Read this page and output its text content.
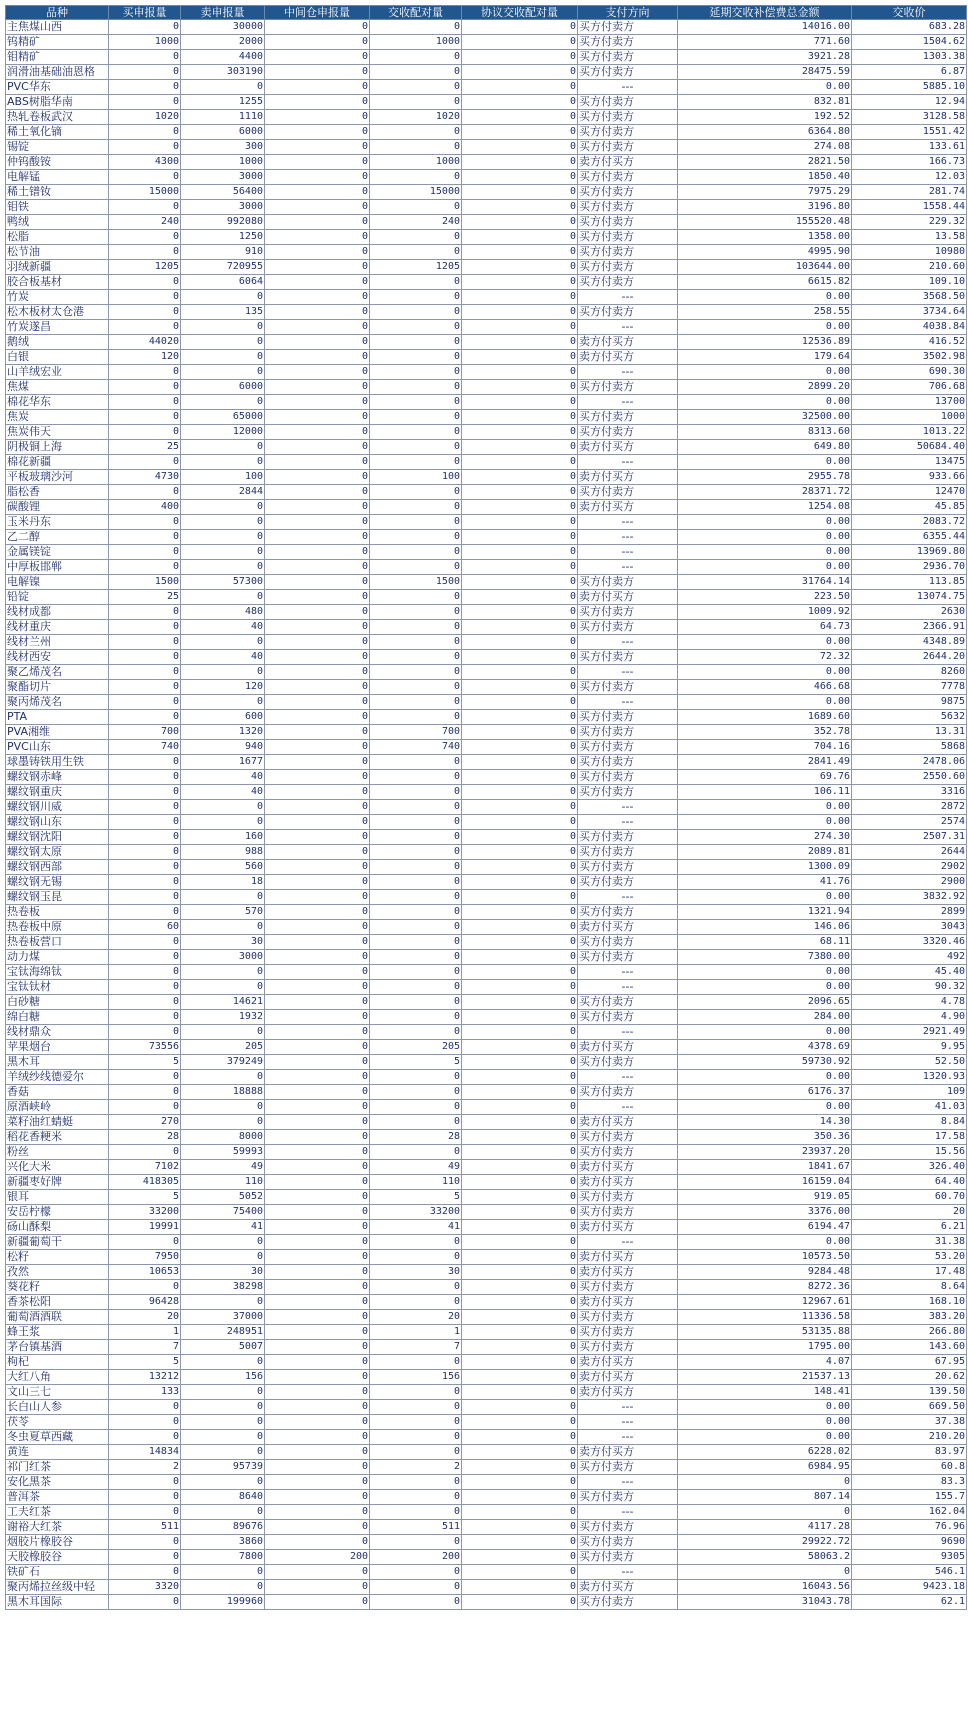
品种	买申报量	卖申报量	中间仓申报量	交收配对量	协议交收配对量	支付方向	延期交收补偿费总金额	交收价
主焦煤山西	0	30000	0	0	0	买方付卖方	14016.00	683.28
钨精矿	1000	2000	0	1000	0	买方付卖方	771.60	1504.62
钼精矿	0	4400	0	0	0	买方付卖方	3921.28	1303.38
润滑油基础油恩格	0	303190	0	0	0	买方付卖方	28475.59	6.87
PVC华东	0	0	0	0	0	---	0.00	5885.10
ABS树脂华南	0	1255	0	0	0	买方付卖方	832.81	12.94
热轧卷板武汉	1020	1110	0	1020	0	买方付卖方	192.52	3128.58
稀土氧化镝	0	6000	0	0	0	买方付卖方	6364.80	1551.42
锡锭	0	300	0	0	0	买方付卖方	274.08	133.61
仲钨酸铵	4300	1000	0	1000	0	卖方付买方	2821.50	166.73
电解锰	0	3000	0	0	0	买方付卖方	1850.40	12.03
稀土镨钕	15000	56400	0	15000	0	买方付卖方	7975.29	281.74
钼铁	0	3000	0	0	0	买方付卖方	3196.80	1558.44
鸭绒	240	992080	0	240	0	买方付卖方	155520.48	229.32
松脂	0	1250	0	0	0	买方付卖方	1358.00	13.58
松节油	0	910	0	0	0	买方付卖方	4995.90	10980
羽绒新疆	1205	720955	0	1205	0	买方付卖方	103644.00	210.60
胶合板基材	0	6064	0	0	0	买方付卖方	6615.82	109.10
竹炭	0	0	0	0	0	---	0.00	3568.50
松木板材太仓港	0	135	0	0	0	买方付卖方	258.55	3734.64
竹炭遂昌	0	0	0	0	0	---	0.00	4038.84
鹅绒	44020	0	0	0	0	卖方付买方	12536.89	416.52
白银	120	0	0	0	0	卖方付买方	179.64	3502.98
山羊绒宏业	0	0	0	0	0	---	0.00	690.30
焦煤	0	6000	0	0	0	买方付卖方	2899.20	706.68
棉花华东	0	0	0	0	0	---	0.00	13700
焦炭	0	65000	0	0	0	买方付卖方	32500.00	1000
焦炭伟天	0	12000	0	0	0	买方付卖方	8313.60	1013.22
阴极铜上海	25	0	0	0	0	卖方付买方	649.80	50684.40
棉花新疆	0	0	0	0	0	---	0.00	13475
平板玻璃沙河	4730	100	0	100	0	卖方付买方	2955.78	933.66
脂松香	0	2844	0	0	0	买方付卖方	28371.72	12470
碳酸锂	400	0	0	0	0	卖方付买方	1254.08	45.85
玉米丹东	0	0	0	0	0	---	0.00	2083.72
乙二醇	0	0	0	0	0	---	0.00	6355.44
金属镁锭	0	0	0	0	0	---	0.00	13969.80
中厚板邯郸	0	0	0	0	0	---	0.00	2936.70
电解镍	1500	57300	0	1500	0	买方付卖方	31764.14	113.85
铅锭	25	0	0	0	0	卖方付买方	223.50	13074.75
线材成都	0	480	0	0	0	买方付卖方	1009.92	2630
线材重庆	0	40	0	0	0	买方付卖方	64.73	2366.91
线材兰州	0	0	0	0	0	---	0.00	4348.89
线材西安	0	40	0	0	0	买方付卖方	72.32	2644.20
聚乙烯茂名	0	0	0	0	0	---	0.00	8260
聚酯切片	0	120	0	0	0	买方付卖方	466.68	7778
聚丙烯茂名	0	0	0	0	0	---	0.00	9875
PTA	0	600	0	0	0	买方付卖方	1689.60	5632
PVA湘维	700	1320	0	700	0	买方付卖方	352.78	13.31
PVC山东	740	940	0	740	0	买方付卖方	704.16	5868
球墨铸铁用生铁	0	1677	0	0	0	买方付卖方	2841.49	2478.06
螺纹钢赤峰	0	40	0	0	0	买方付卖方	69.76	2550.60
螺纹钢重庆	0	40	0	0	0	买方付卖方	106.11	3316
螺纹钢川威	0	0	0	0	0	---	0.00	2872
螺纹钢山东	0	0	0	0	0	---	0.00	2574
螺纹钢沈阳	0	160	0	0	0	买方付卖方	274.30	2507.31
螺纹钢太原	0	988	0	0	0	买方付卖方	2089.81	2644
螺纹钢西部	0	560	0	0	0	买方付卖方	1300.09	2902
螺纹钢无锡	0	18	0	0	0	买方付卖方	41.76	2900
螺纹钢玉昆	0	0	0	0	0	---	0.00	3832.92
热卷板	0	570	0	0	0	买方付卖方	1321.94	2899
热卷板中原	60	0	0	0	0	卖方付买方	146.06	3043
热卷板营口	0	30	0	0	0	买方付卖方	68.11	3320.46
动力煤	0	3000	0	0	0	买方付卖方	7380.00	492
宝钛海绵钛	0	0	0	0	0	---	0.00	45.40
宝钛钛材	0	0	0	0	0	---	0.00	90.32
白砂糖	0	14621	0	0	0	买方付卖方	2096.65	4.78
绵白糖	0	1932	0	0	0	买方付卖方	284.00	4.90
线材鼎众	0	0	0	0	0	---	0.00	2921.49
苹果烟台	73556	205	0	205	0	卖方付买方	4378.69	9.95
黑木耳	5	379249	0	5	0	买方付卖方	59730.92	52.50
羊绒纱线德爱尔	0	0	0	0	0	---	0.00	1320.93
香菇	0	18888	0	0	0	买方付卖方	6176.37	109
原酒峡岭	0	0	0	0	0	---	0.00	41.03
菜籽油红蜻蜓	270	0	0	0	0	卖方付买方	14.30	8.84
稻花香粳米	28	8000	0	28	0	买方付卖方	350.36	17.58
粉丝	0	59993	0	0	0	买方付卖方	23937.20	15.56
兴化大米	7102	49	0	49	0	卖方付买方	1841.67	326.40
新疆枣好牌	418305	110	0	110	0	卖方付买方	16159.04	64.40
银耳	5	5052	0	5	0	买方付卖方	919.05	60.70
安岳柠檬	33200	75400	0	33200	0	买方付卖方	3376.00	20
砀山酥梨	19991	41	0	41	0	卖方付买方	6194.47	6.21
新疆葡萄干	0	0	0	0	0	---	0.00	31.38
松籽	7950	0	0	0	0	卖方付买方	10573.50	53.20
孜然	10653	30	0	30	0	卖方付买方	9284.48	17.48
葵花籽	0	38298	0	0	0	买方付卖方	8272.36	8.64
香茶松阳	96428	0	0	0	0	卖方付买方	12967.61	168.10
葡萄酒酒联	20	37000	0	20	0	买方付卖方	11336.58	383.20
蜂王浆	1	248951	0	1	0	买方付卖方	53135.88	266.80
茅台镇基酒	7	5007	0	7	0	买方付卖方	1795.00	143.60
枸杞	5	0	0	0	0	卖方付买方	4.07	67.95
大红八角	13212	156	0	156	0	卖方付买方	21537.13	20.62
文山三七	133	0	0	0	0	卖方付买方	148.41	139.50
长白山人参	0	0	0	0	0	---	0.00	669.50
茯苓	0	0	0	0	0	---	0.00	37.38
冬虫夏草西藏	0	0	0	0	0	---	0.00	210.20
黄连	14834	0	0	0	0	卖方付买方	6228.02	83.97
祁门红茶	2	95739	0	2	0	买方付卖方	6984.95	60.8
安化黑茶	0	0	0	0	0	---	0	83.3
普洱茶	0	8640	0	0	0	买方付卖方	807.14	155.7
工夫红茶	0	0	0	0	0	---	0	162.04
谢裕大红茶	511	89676	0	511	0	买方付卖方	4117.28	76.96
烟胶片橡胶谷	0	3860	0	0	0	买方付卖方	29922.72	9690
天胶橡胶谷	0	7800	200	200	0	买方付卖方	58063.2	9305
铁矿石	0	0	0	0	0	---	0	546.1
聚丙烯拉丝级中轻	3320	0	0	0	0	卖方付买方	16043.56	9423.18
黑木耳国际	0	199960	0	0	0	买方付卖方	31043.78	62.1
